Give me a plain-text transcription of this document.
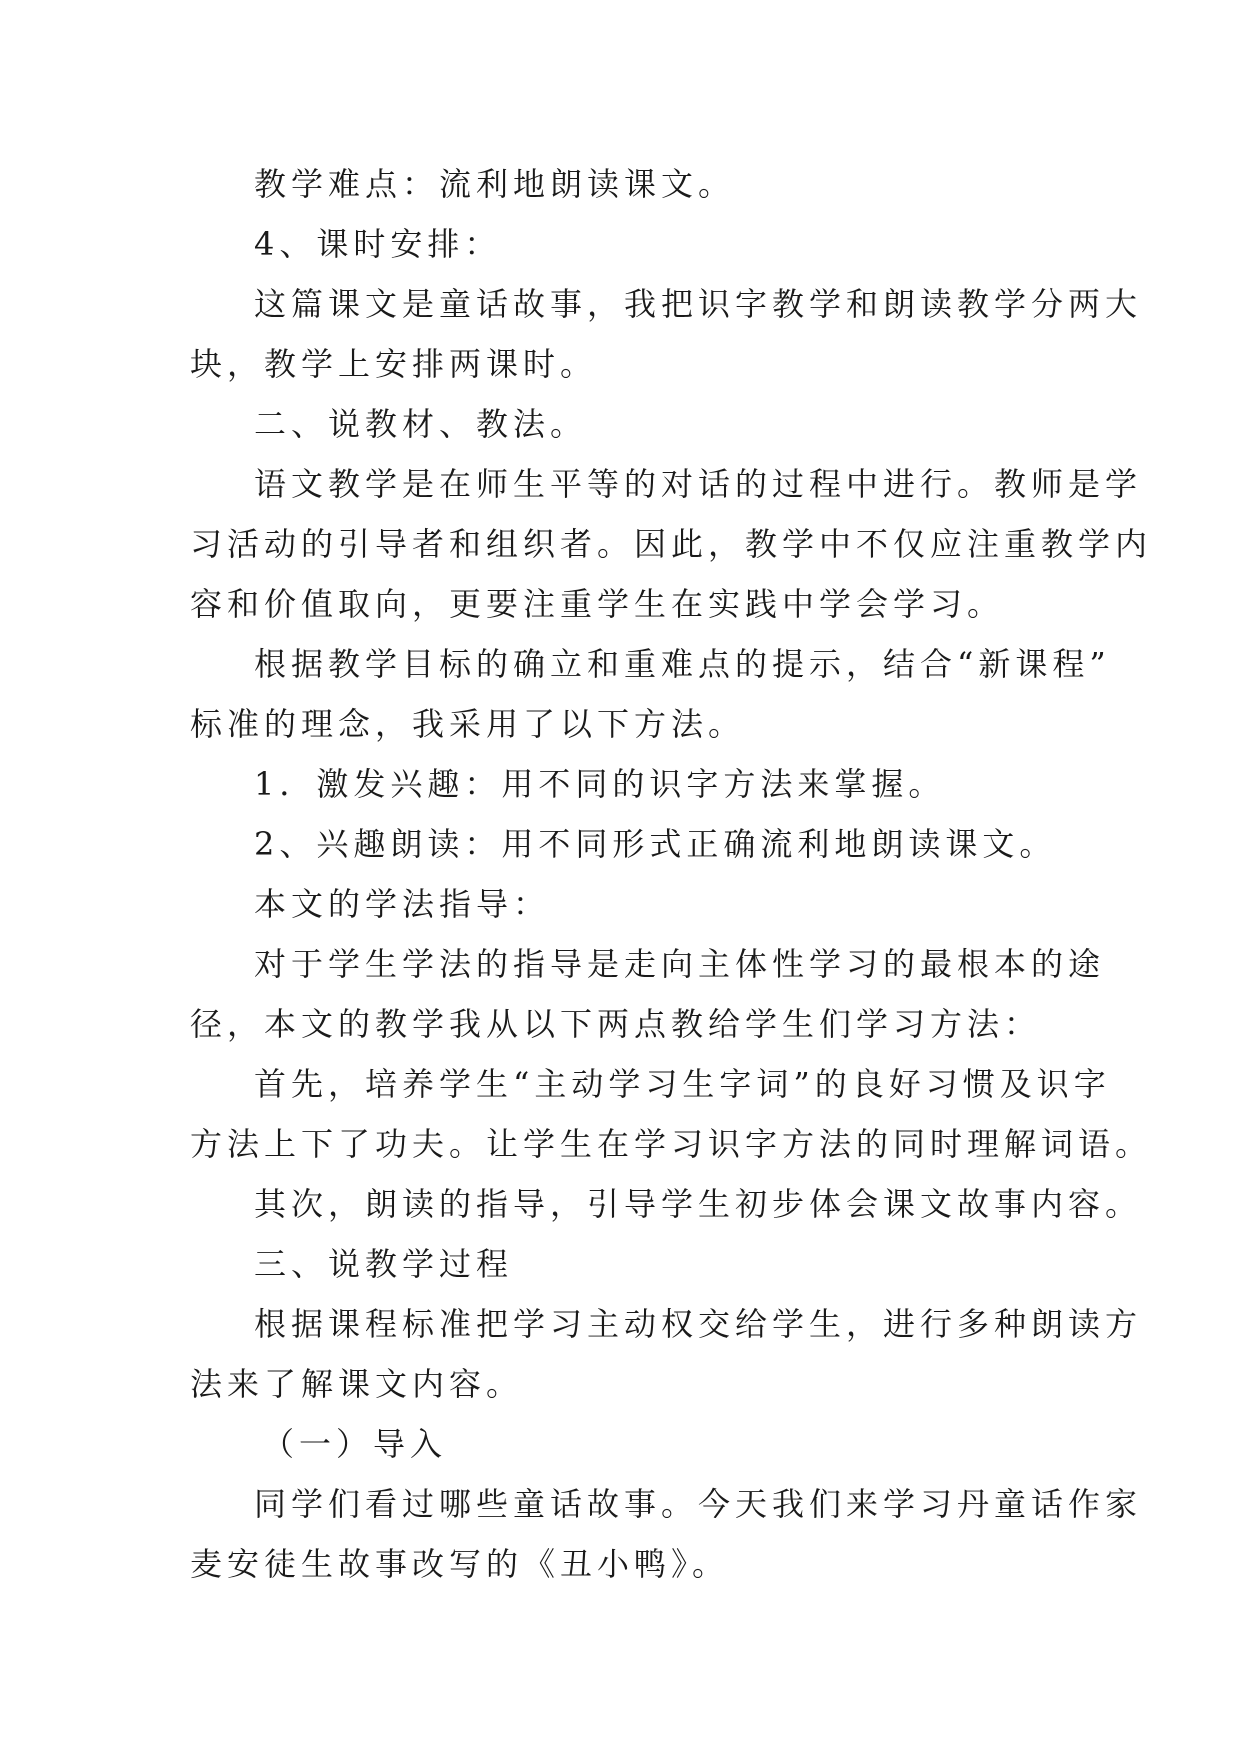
教学难点：流利地朗读课文。
4、课时安排：
这篇课文是童话故事，我把识字教学和朗读教学分两大
块，教学上安排两课时。
二、说教材、教法。
语文教学是在师生平等的对话的过程中进行。教师是学
习活动的引导者和组织者。因此，教学中不仅应注重教学内
容和价值取向，更要注重学生在实践中学会学习。
根据教学目标的确立和重难点的提示，结合“新课程”
标准的理念，我采用了以下方法。
1．激发兴趣：用不同的识字方法来掌握。
2、兴趣朗读：用不同形式正确流利地朗读课文。
本文的学法指导：
对于学生学法的指导是走向主体性学习的最根本的途
径，本文的教学我从以下两点教给学生们学习方法：
首先，培养学生“主动学习生字词”的良好习惯及识字
方法上下了功夫。让学生在学习识字方法的同时理解词语。
其次，朗读的指导，引导学生初步体会课文故事内容。
三、说教学过程
根据课程标准把学习主动权交给学生，进行多种朗读方
法来了解课文内容。
（一）导入
同学们看过哪些童话故事。今天我们来学习丹童话作家
麦安徒生故事改写的《丑小鸭》。
